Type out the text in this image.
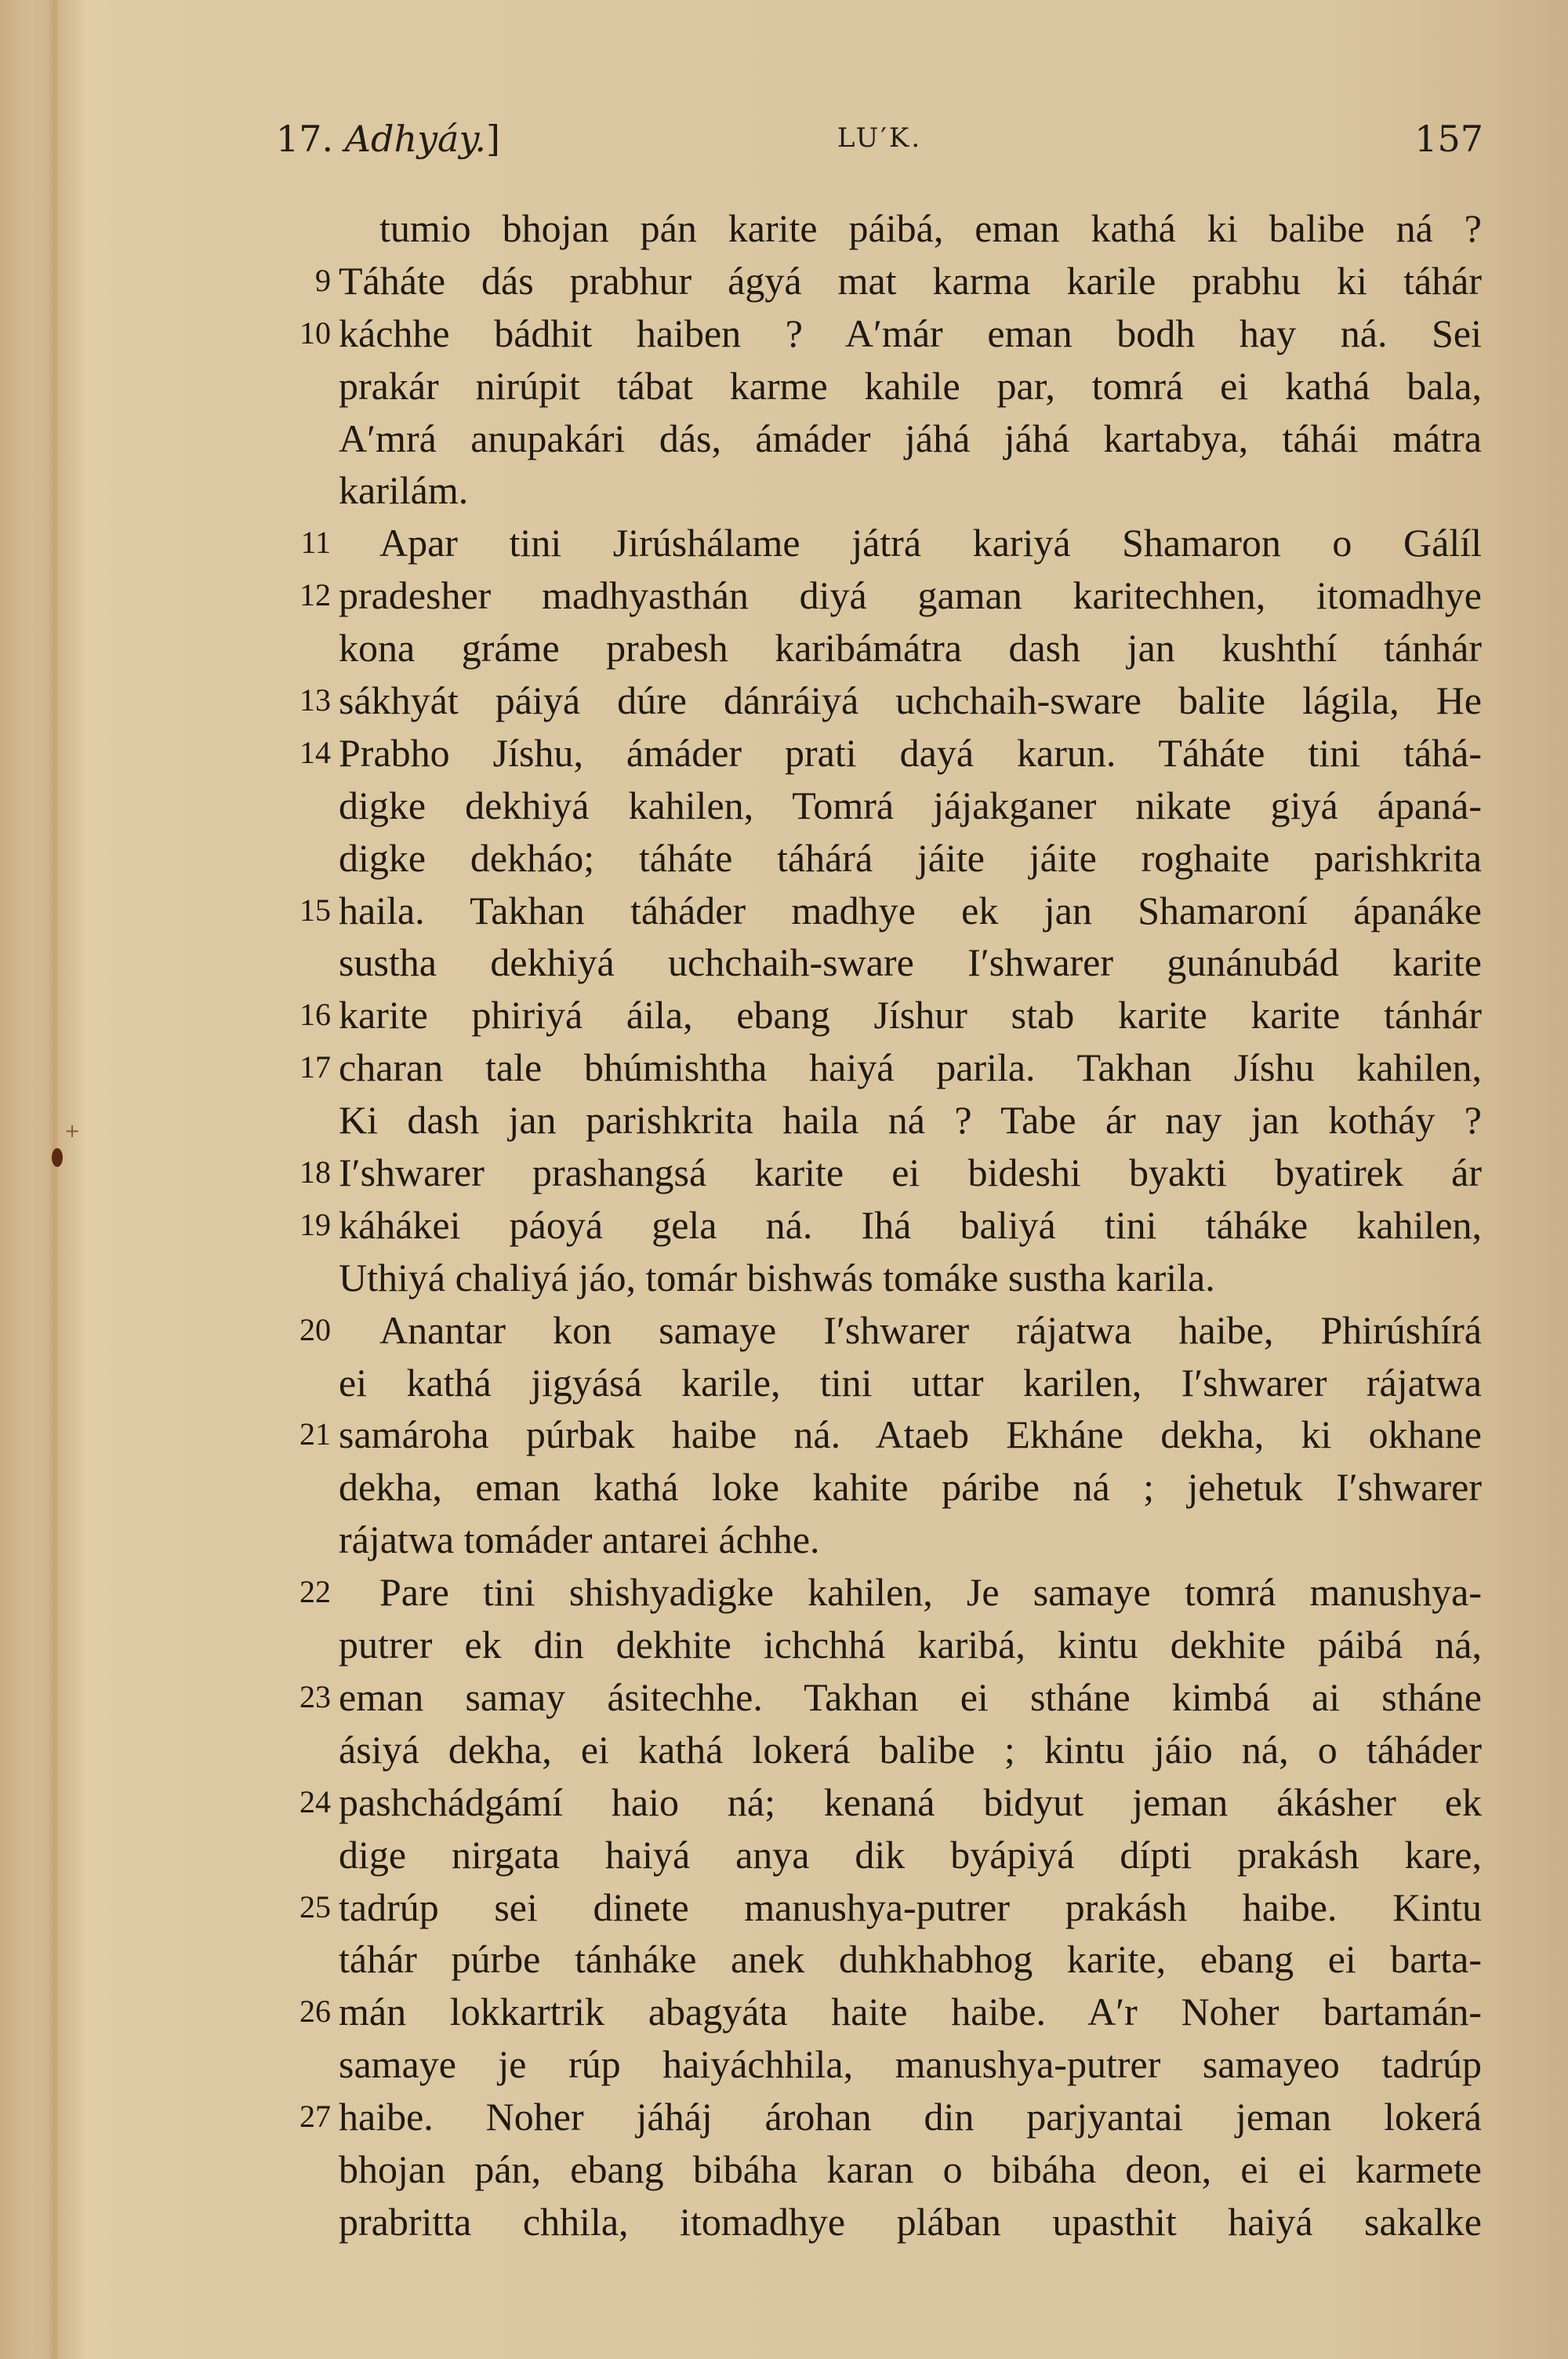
17. Adhyáy.]	LU′K.	157
tumio bhojan pán karite páibá, eman kathá ki balibe ná ?
9 Táháte dás prabhur ágyá mat karma karile prabhu ki táhár
10 káchhe bádhit haiben ? A′már eman bodh hay ná. Sei
prakár nirúpit tábat karme kahile par, tomrá ei kathá bala,
A′mrá anupakári dás, ámáder jáhá jáhá kartabya, táhái mátra
karilám.
11	Apar tini Jirúshálame játrá kariyá Shamaron o Gálíl
12 pradesher madhyasthán diyá gaman karitechhen, itomadhye
kona gráme prabesh karibámátra dash jan kushthí tánhár
13 sákhyát páiyá dúre dánráiyá uchchaih-sware balite lágila, He
14 Prabho Jíshu, ámáder prati dayá karun. Táháte tini táhá-
digke dekhiyá kahilen, Tomrá jájakganer nikate giyá ápaná-
digke dekháo; táháte táhárá jáite jáite roghaite parishkrita
15 haila. Takhan táháder madhye ek jan Shamaroní ápanáke
sustha dekhiyá uchchaih-sware I′shwarer gunánubád karite
16 karite phiriyá áila, ebang Jíshur stab karite karite tánhár
17 charan tale bhúmishtha haiyá parila. Takhan Jíshu kahilen,
Ki dash jan parishkrita haila ná ? Tabe ár nay jan kotháy ?
18 I′shwarer prashangsá karite ei bideshi byakti byatirek ár
19 káhákei páoyá gela ná. Ihá baliyá tini táháke kahilen,
Uthiyá chaliyá jáo, tomár bishwás tomáke sustha karila.
20	Anantar kon samaye I′shwarer rájatwa haibe, Phirúshírá
ei kathá jigyásá karile, tini uttar karilen, I′shwarer rájatwa
21 samároha púrbak haibe ná. Ataeb Ekháne dekha, ki okhane
dekha, eman kathá loke kahite páribe ná ; jehetuk I′shwarer
rájatwa tomáder antarei áchhe.
22	Pare tini shishyadigke kahilen, Je samaye tomrá manushya-
putrer ek din dekhite ichchhá karibá, kintu dekhite páibá ná,
23 eman samay ásitechhe. Takhan ei stháne kimbá ai stháne
ásiyá dekha, ei kathá lokerá balibe ; kintu jáio ná, o táháder
24 pashchádgámí haio ná; kenaná bidyut jeman ákásher ek
dige nirgata haiyá anya dik byápiyá dípti prakásh kare,
25 tadrúp sei dinete manushya-putrer prakásh haibe. Kintu
táhár púrbe tánháke anek duhkhabhog karite, ebang ei barta-
26 mán lokkartrik abagyáta haite haibe. A′r Noher bartamán-
samaye je rúp haiyáchhila, manushya-putrer samayeo tadrúp
27 haibe. Noher jáháj árohan din parjyantai jeman lokerá
bhojan pán, ebang bibáha karan o bibáha deon, ei ei karmete
prabritta chhila, itomadhye plában upasthit haiyá sakalke
+
